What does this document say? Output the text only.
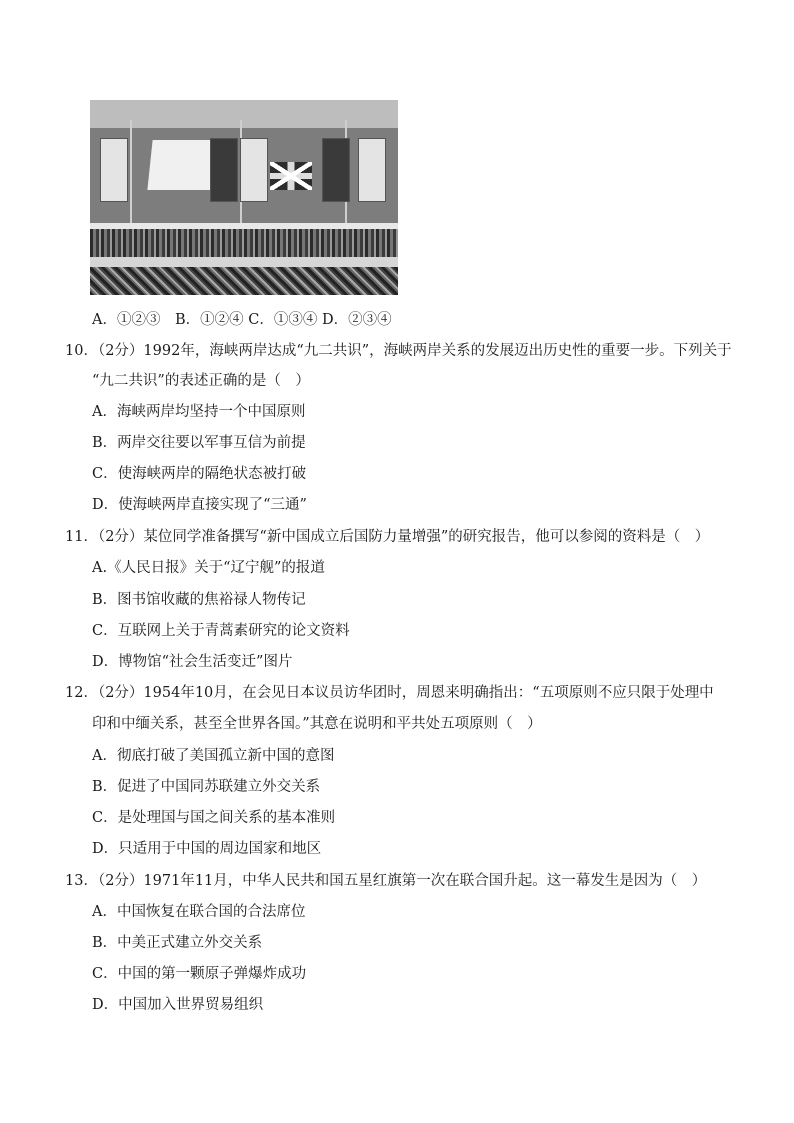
A．①②③　B．①②④ C．①③④ D．②③④
10．（2分）1992年，海峡两岸达成“九二共识”，海峡两岸关系的发展迈出历史性的重要一步。下列关于
“九二共识”的表述正确的是（　）
A．海峡两岸均坚持一个中国原则
B．两岸交往要以军事互信为前提
C．使海峡两岸的隔绝状态被打破
D．使海峡两岸直接实现了“三通”
11．（2分）某位同学准备撰写“新中国成立后国防力量增强”的研究报告，他可以参阅的资料是（　）
A.《人民日报》关于“辽宁舰”的报道
B．图书馆收藏的焦裕禄人物传记
C．互联网上关于青蒿素研究的论文资料
D．博物馆“社会生活变迁”图片
12．（2分）1954年10月，在会见日本议员访华团时，周恩来明确指出：“五项原则不应只限于处理中
印和中缅关系，甚至全世界各国。”其意在说明和平共处五项原则（　）
A．彻底打破了美国孤立新中国的意图
B．促进了中国同苏联建立外交关系
C．是处理国与国之间关系的基本准则
D．只适用于中国的周边国家和地区
13．（2分）1971年11月，中华人民共和国五星红旗第一次在联合国升起。这一幕发生是因为（　）
A．中国恢复在联合国的合法席位
B．中美正式建立外交关系
C．中国的第一颗原子弹爆炸成功
D．中国加入世界贸易组织
